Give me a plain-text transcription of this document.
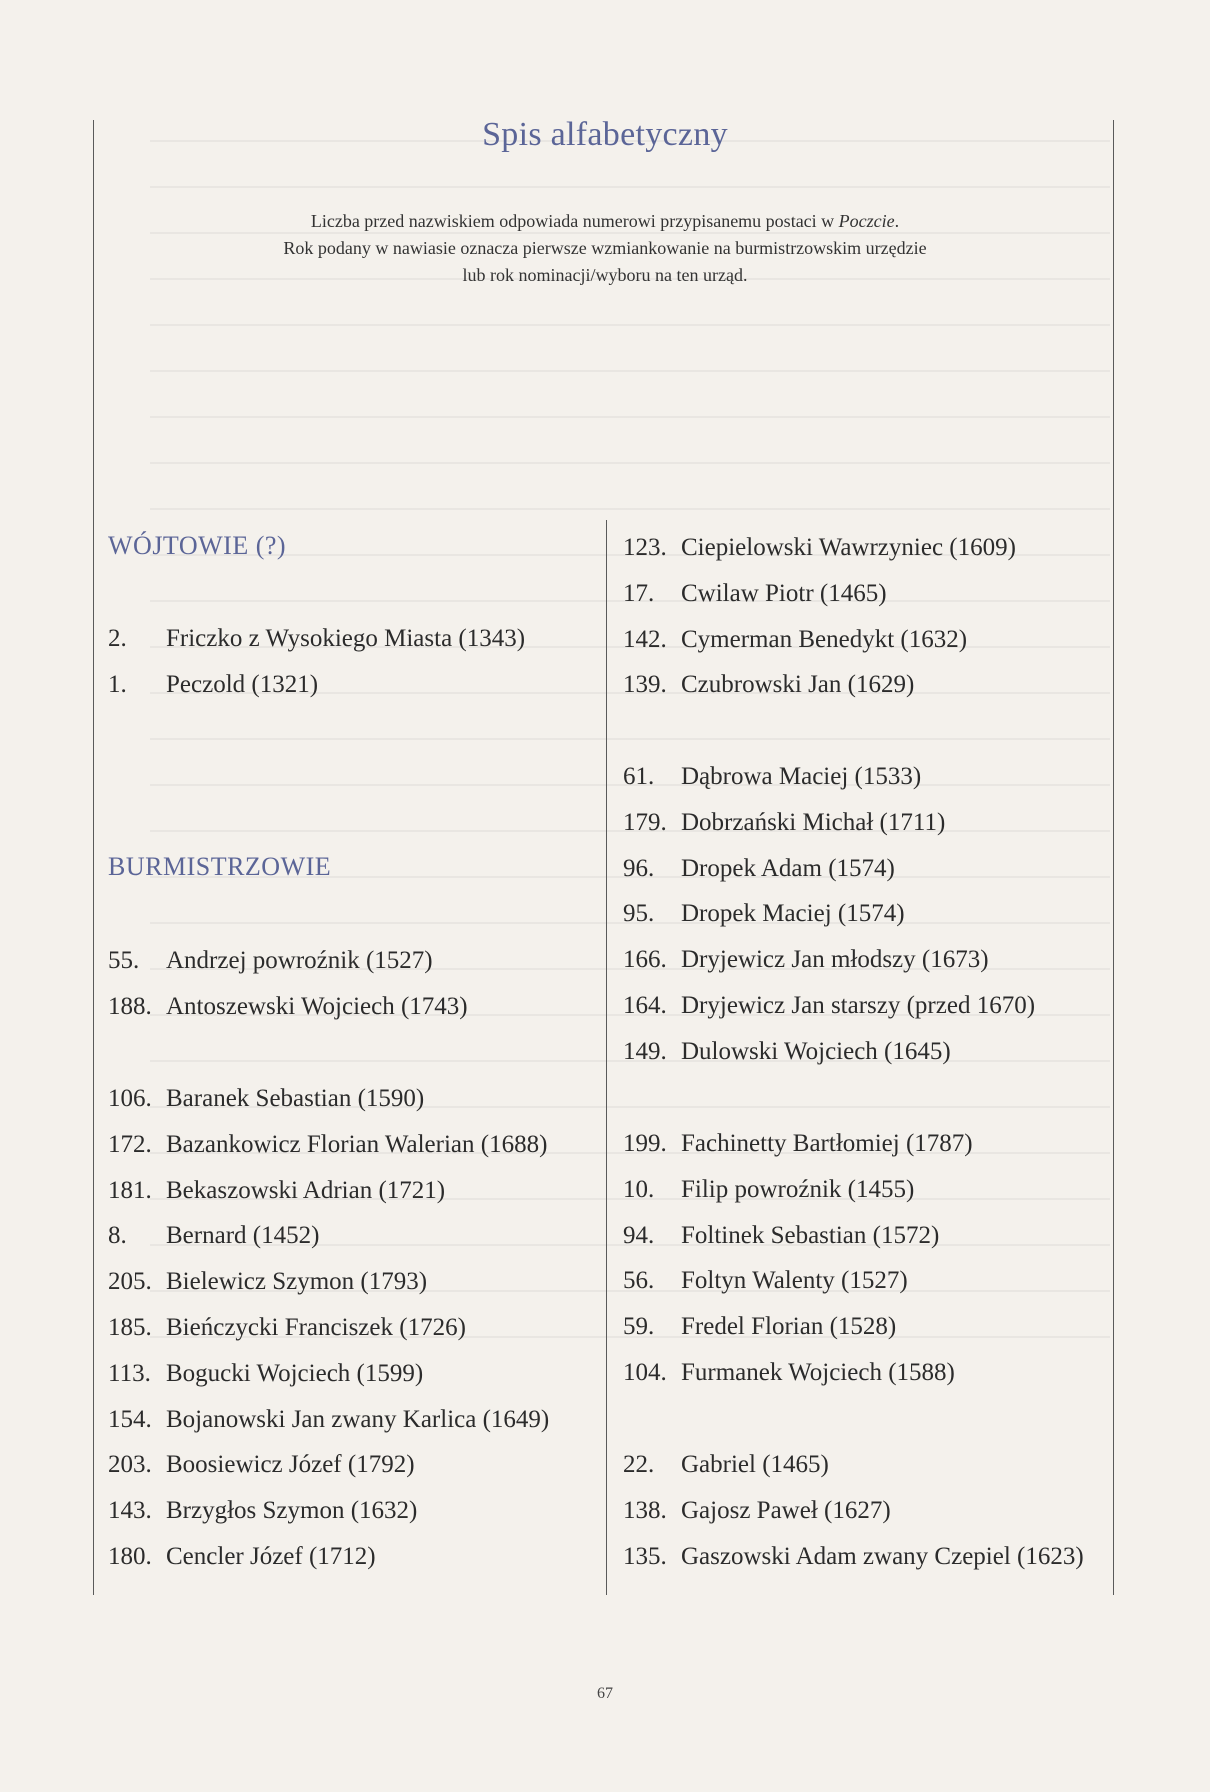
Spis alfabetyczny
Liczba przed nazwiskiem odpowiada numerowi przypisanemu postaci w Poczcie.
Rok podany w nawiasie oznacza pierwsze wzmiankowanie na burmistrzowskim urzędzie
lub rok nominacji/wyboru na ten urząd.
WÓJTOWIE (?)
BURMISTRZOWIE
2. Friczko z Wysokiego Miasta (1343)
1. Peczold (1321)
55. Andrzej powroźnik (1527)
188. Antoszewski Wojciech (1743)
106. Baranek Sebastian (1590)
172. Bazankowicz Florian Walerian (1688)
181. Bekaszowski Adrian (1721)
8. Bernard (1452)
205. Bielewicz Szymon (1793)
185. Bieńczycki Franciszek (1726)
113. Bogucki Wojciech (1599)
154. Bojanowski Jan zwany Karlica (1649)
203. Boosiewicz Józef (1792)
143. Brzygłos Szymon (1632)
180. Cencler Józef (1712)
123. Ciepielowski Wawrzyniec (1609)
17. Cwilaw Piotr (1465)
142. Cymerman Benedykt (1632)
139. Czubrowski Jan (1629)
61. Dąbrowa Maciej (1533)
179. Dobrzański Michał (1711)
96. Dropek Adam (1574)
95. Dropek Maciej (1574)
166. Dryjewicz Jan młodszy (1673)
164. Dryjewicz Jan starszy (przed 1670)
149. Dulowski Wojciech (1645)
199. Fachinetty Bartłomiej (1787)
10. Filip powroźnik (1455)
94. Foltinek Sebastian (1572)
56. Foltyn Walenty (1527)
59. Fredel Florian (1528)
104. Furmanek Wojciech (1588)
22. Gabriel (1465)
138. Gajosz Paweł (1627)
135. Gaszowski Adam zwany Czepiel (1623)
67
